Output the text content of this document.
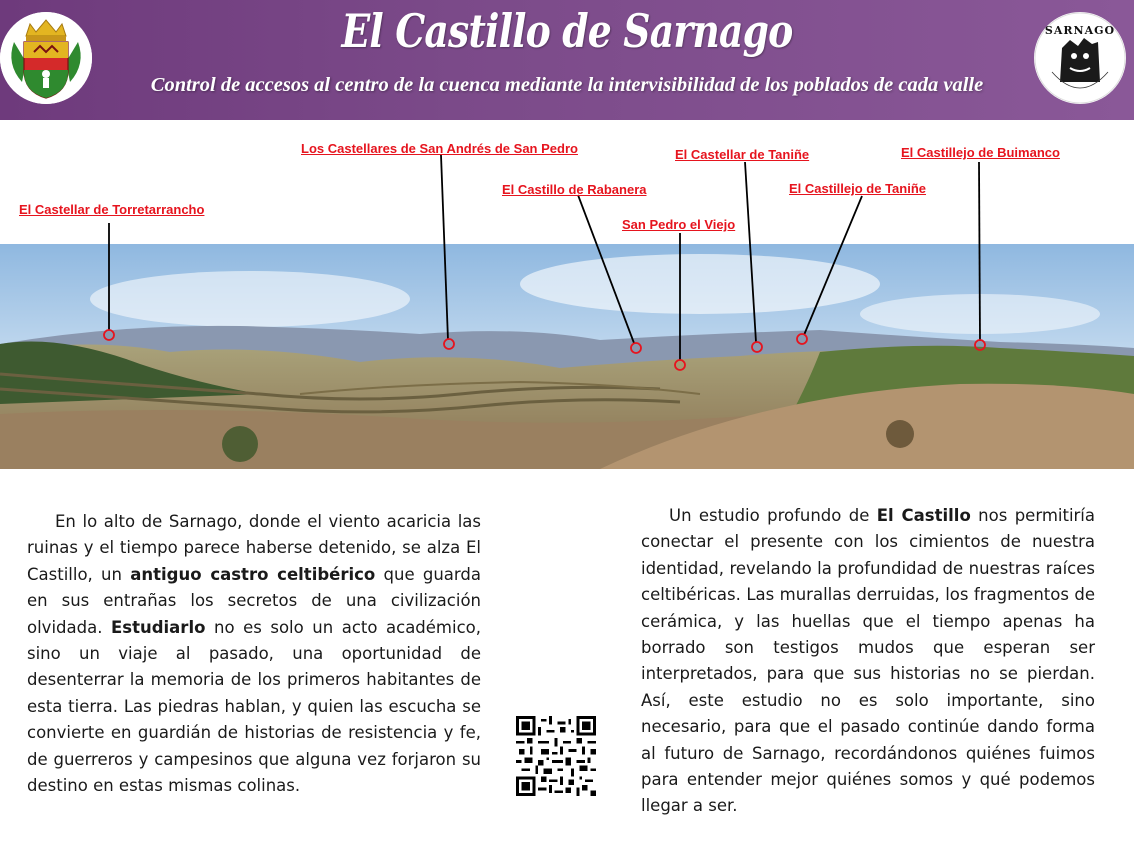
El Castillo de Sarnago
Control de accesos al centro de la cuenca mediante la intervisibilidad de los poblados de cada valle
SARNAGO
El Castellar de Torretarrancho
Los Castellares de San Andrés de San Pedro
El Castillo de Rabanera
San Pedro el Viejo
El Castellar de Taniñe
El Castillejo de Taniñe
El Castillejo de Buimanco
En lo alto de Sarnago, donde el viento acaricia las ruinas y el tiempo parece haberse detenido, se alza El Castillo, un antiguo castro celtibérico que guarda en sus entrañas los secretos de una civilización olvidada. Estudiarlo no es solo un acto académico, sino un viaje al pasado, una oportunidad de desenterrar la memoria de los primeros habitantes de esta tierra. Las piedras hablan, y quien las escucha se convierte en guardián de historias de resistencia y fe, de guerreros y campesinos que alguna vez forjaron su destino en estas mismas colinas.
Un estudio profundo de El Castillo nos permitiría conectar el presente con los cimientos de nuestra identidad, revelando la profundidad de nuestras raíces celtibéricas. Las murallas derruidas, los fragmentos de cerámica, y las huellas que el tiempo apenas ha borrado son testigos mudos que esperan ser interpretados, para que sus historias no se pierdan. Así, este estudio no es solo importante, sino necesario, para que el pasado continúe dando forma al futuro de Sarnago, recordándonos quiénes fuimos para entender mejor quiénes somos y qué podemos llegar a ser.
